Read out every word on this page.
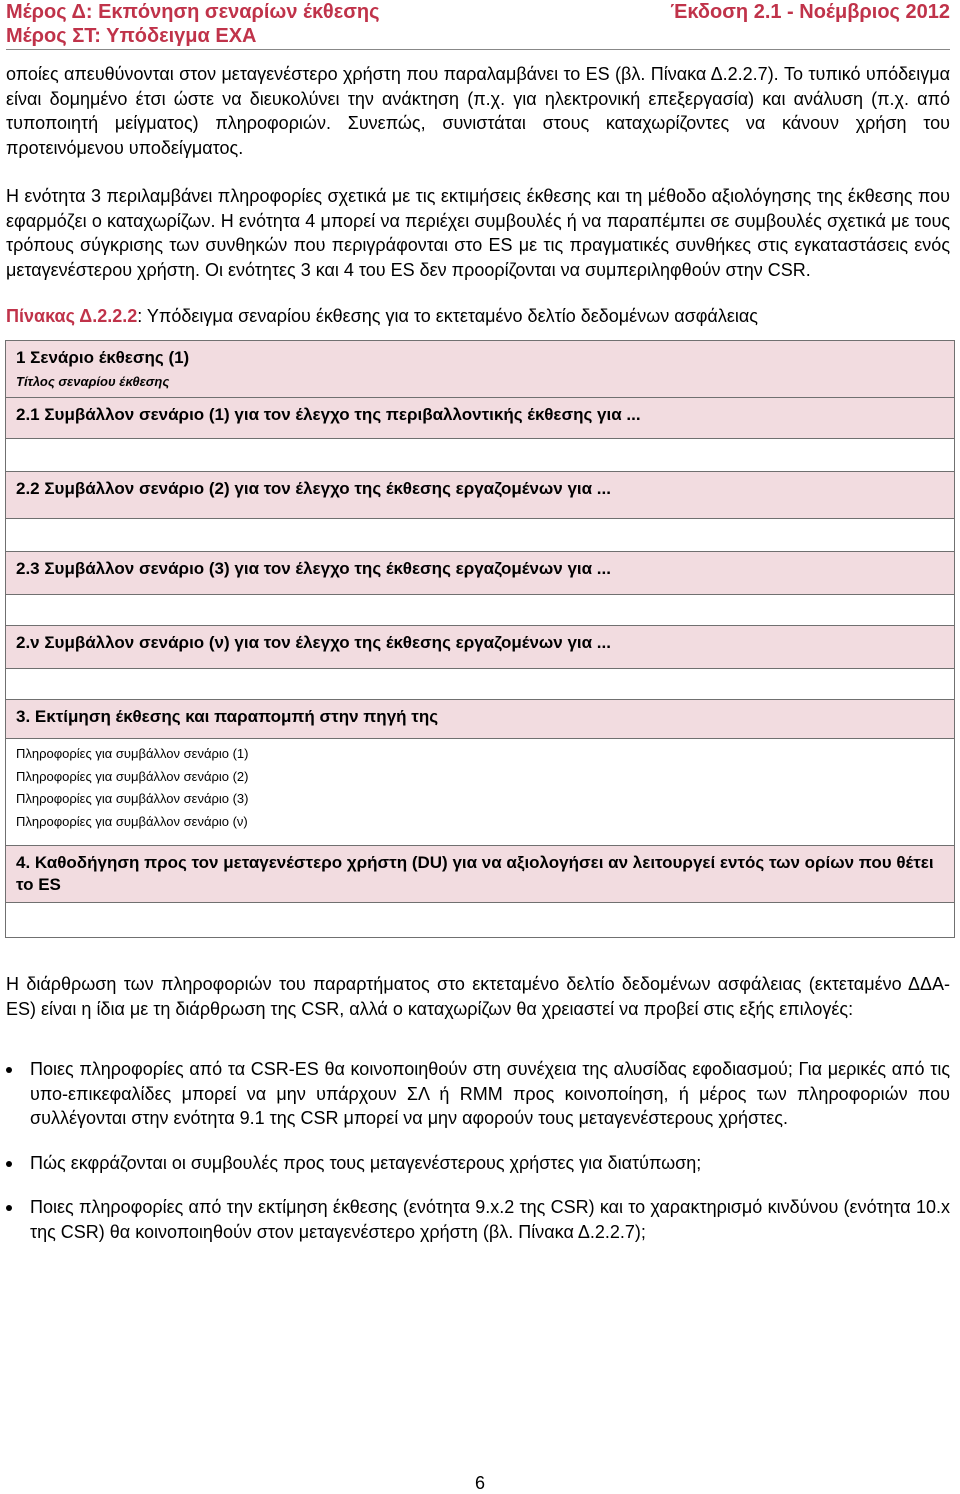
Μέρος Δ: Εκπόνηση σεναρίων έκθεσης	Έκδοση 2.1 - Νοέμβριος 2012
Μέρος ΣΤ: Υπόδειγμα ΕΧΑ

οποίες απευθύνονται στον μεταγενέστερο χρήστη που παραλαμβάνει το ES (βλ. Πίνακα Δ.2.2.7). Το τυπικό υπόδειγμα είναι δομημένο έτσι ώστε να διευκολύνει την ανάκτηση (π.χ. για ηλεκτρονική επεξεργασία) και ανάλυση (π.χ. από τυποποιητή μείγματος) πληροφοριών. Συνεπώς, συνιστάται στους καταχωρίζοντες να κάνουν χρήση του προτεινόμενου υποδείγματος.

Η ενότητα 3 περιλαμβάνει πληροφορίες σχετικά με τις εκτιμήσεις έκθεσης και τη μέθοδο αξιολόγησης της έκθεσης που εφαρμόζει ο καταχωρίζων. Η ενότητα 4 μπορεί να περιέχει συμβουλές ή να παραπέμπει σε συμβουλές σχετικά με τους τρόπους σύγκρισης των συνθηκών που περιγράφονται στο ES με τις πραγματικές συνθήκες στις εγκαταστάσεις ενός μεταγενέστερου χρήστη. Οι ενότητες 3 και 4 του ES δεν προορίζονται να συμπεριληφθούν στην CSR.

Πίνακας Δ.2.2.2: Υπόδειγμα σεναρίου έκθεσης για το εκτεταμένο δελτίο δεδομένων ασφάλειας
1 Σενάριο έκθεσης (1)
Τίτλος σεναρίου έκθεσης

2.1 Συμβάλλον σενάριο (1) για τον έλεγχο της περιβαλλοντικής έκθεσης για ...

2.2 Συμβάλλον σενάριο (2) για τον έλεγχο της έκθεσης εργαζομένων για ...

2.3 Συμβάλλον σενάριο (3) για τον έλεγχο της έκθεσης εργαζομένων για ...

2.ν Συμβάλλον σενάριο (ν) για τον έλεγχο της έκθεσης εργαζομένων για ...

3. Εκτίμηση έκθεσης και παραπομπή στην πηγή της

Πληροφορίες για συμβάλλον σενάριο (1)
Πληροφορίες για συμβάλλον σενάριο (2)
Πληροφορίες για συμβάλλον σενάριο (3)
Πληροφορίες για συμβάλλον σενάριο (ν)

4. Καθοδήγηση προς τον μεταγενέστερο χρήστη (DU) για να αξιολογήσει αν λειτουργεί εντός των ορίων που θέτει το ES

Η διάρθρωση των πληροφοριών του παραρτήματος στο εκτεταμένο δελτίο δεδομένων ασφάλειας (εκτεταμένο ΔΔΑ-ES) είναι η ίδια με τη διάρθρωση της CSR, αλλά ο καταχωρίζων θα χρειαστεί να προβεί στις εξής επιλογές:

Ποιες πληροφορίες από τα CSR-ES θα κοινοποιηθούν στη συνέχεια της αλυσίδας εφοδιασμού; Για μερικές από τις υπο-επικεφαλίδες μπορεί να μην υπάρχουν ΣΛ ή RMM προς κοινοποίηση, ή μέρος των πληροφοριών που συλλέγονται στην ενότητα 9.1 της CSR μπορεί να μην αφορούν τους μεταγενέστερους χρήστες.
Πώς εκφράζονται οι συμβουλές προς τους μεταγενέστερους χρήστες για διατύπωση;
Ποιες πληροφορίες από την εκτίμηση έκθεσης (ενότητα 9.x.2 της CSR) και το χαρακτηρισμό κινδύνου (ενότητα 10.x της CSR) θα κοινοποιηθούν στον μεταγενέστερο χρήστη (βλ. Πίνακα Δ.2.2.7);
6
